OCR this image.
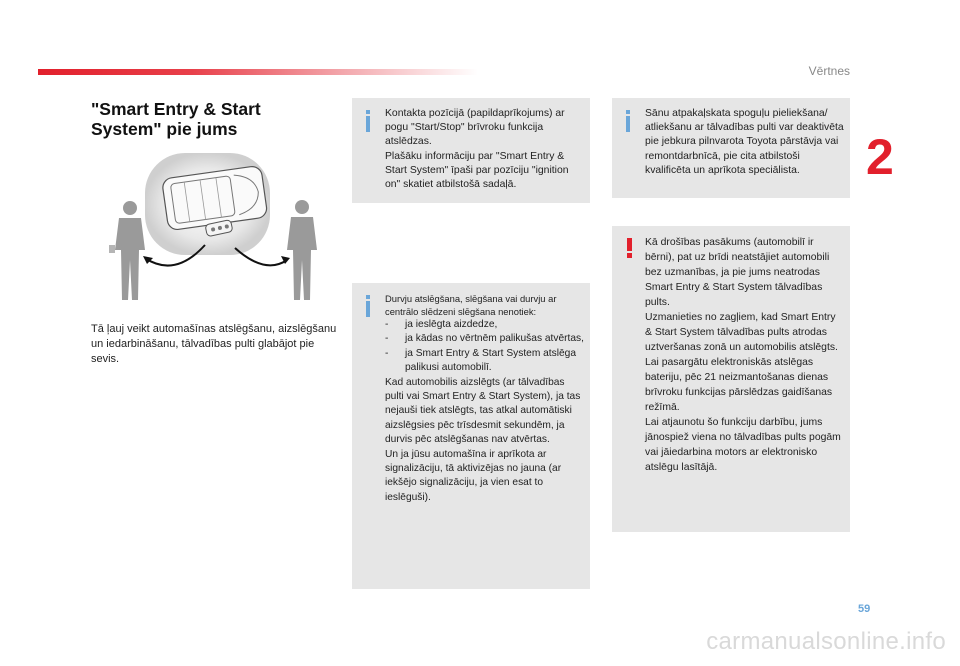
Vērtnes
2
"Smart Entry & Start System" pie jums
Tā ļauj veikt automašīnas atslēgšanu, aizslēgšanu un iedarbināšanu, tālvadības pulti glabājot pie sevis.

Kontakta pozīcijā (papildaprīkojums) ar pogu "Start/Stop" brīvroku funkcija atslēdzas.

Plašāku informāciju par "Smart Entry & Start System" īpaši par pozīciju "ignition on" skatiet atbilstošā sadaļā.

Sānu atpakaļskata spoguļu pieliekšana/ atliekšanu ar tālvadības pulti var deaktivēta pie jebkura pilnvarota Toyota pārstāvja vai remontdarbnīcā, pie cita atbilstoši kvalificēta un aprīkota speciālista.

Durvju atslēgšana, slēgšana vai durvju ar centrālo slēdzeni slēgšana nenotiek:

- ja ieslēgta aizdedze,

- ja kādas no vērtnēm palikušas atvērtas,

- ja Smart Entry & Start System atslēga palikusi automobilī.

Kad automobilis aizslēgts (ar tālvadības pulti vai Smart Entry & Start System), ja tas nejauši tiek atslēgts, tas atkal automātiski aizslēgsies pēc trīsdesmit sekundēm, ja durvis pēc atslēgšanas nav atvērtas.

Un ja jūsu automašīna ir aprīkota ar signalizāciju, tā aktivizējas no jauna (ar iekšējo signalizāciju, ja vien esat to ieslēguši).

Kā drošības pasākums (automobilī ir bērni), pat uz brīdi neatstājiet automobili bez uzmanības, ja pie jums neatrodas Smart Entry & Start System tālvadības pults.

Uzmanieties no zagļiem, kad Smart Entry & Start System tālvadības pults atrodas uztveršanas zonā un automobilis atslēgts.

Lai pasargātu elektroniskās atslēgas bateriju, pēc 21 neizmantošanas dienas brīvroku funkcijas pārslēdzas gaidīšanas režīmā.

Lai atjaunotu šo funkciju darbību, jums jānospiež viena no tālvadības pults pogām vai jāiedarbina motors ar elektronisko atslēgu lasītājā.

59
carmanualsonline.info
